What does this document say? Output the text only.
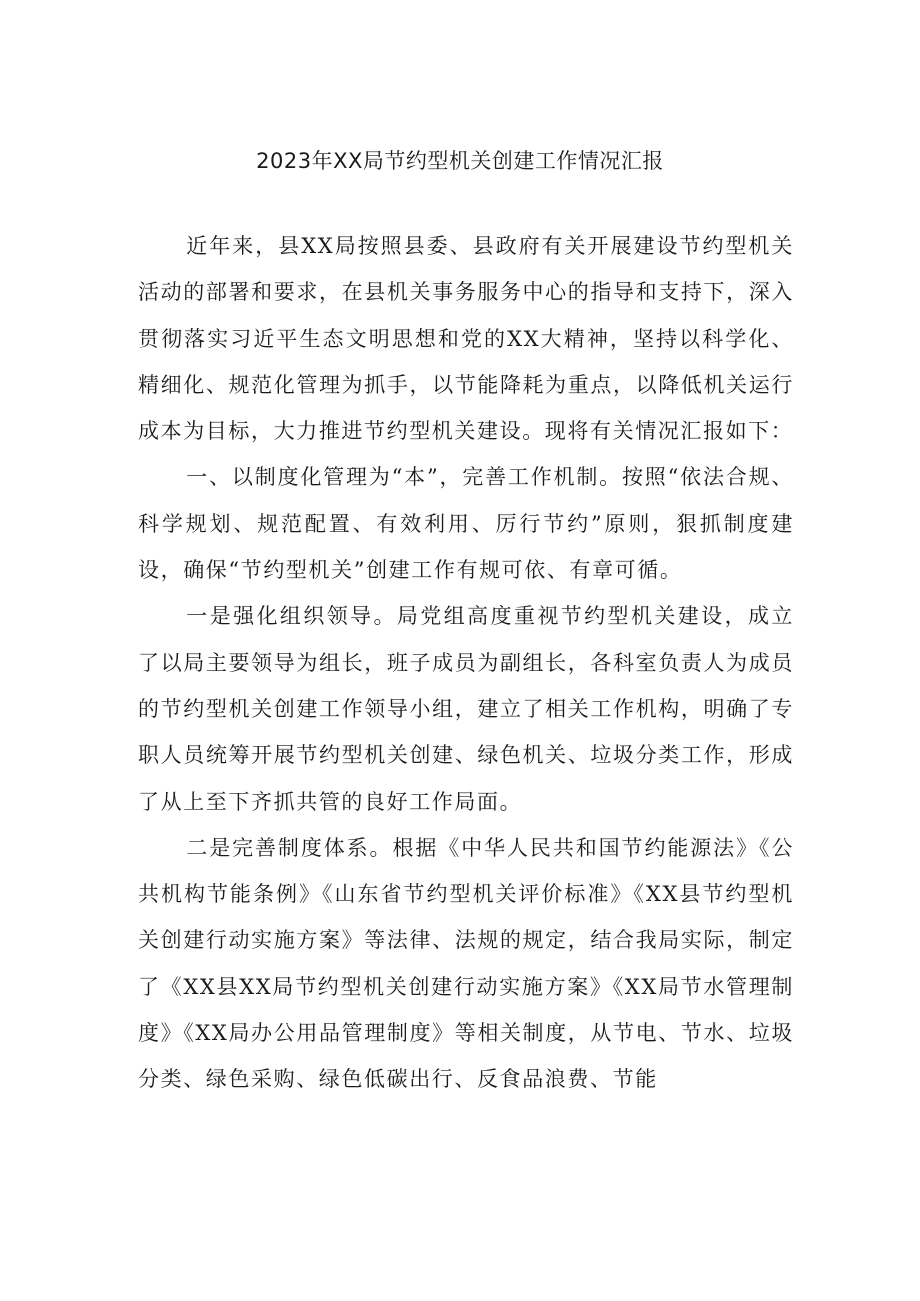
2023年XX局节约型机关创建工作情况汇报

近年来，县XX局按照县委、县政府有关开展建设节约型机关活动的部署和要求，在县机关事务服务中心的指导和支持下，深入贯彻落实习近平生态文明思想和党的XX大精神，坚持以科学化、精细化、规范化管理为抓手，以节能降耗为重点，以降低机关运行成本为目标，大力推进节约型机关建设。现将有关情况汇报如下：

一、以制度化管理为“本”，完善工作机制。按照“依法合规、科学规划、规范配置、有效利用、厉行节约”原则，狠抓制度建设，确保“节约型机关”创建工作有规可依、有章可循。

一是强化组织领导。局党组高度重视节约型机关建设，成立了以局主要领导为组长，班子成员为副组长，各科室负责人为成员的节约型机关创建工作领导小组，建立了相关工作机构，明确了专职人员统筹开展节约型机关创建、绿色机关、垃圾分类工作，形成了从上至下齐抓共管的良好工作局面。

二是完善制度体系。根据《中华人民共和国节约能源法》《公共机构节能条例》《山东省节约型机关评价标准》《XX县节约型机关创建行动实施方案》等法律、法规的规定，结合我局实际，制定了《XX县XX局节约型机关创建行动实施方案》《XX局节水管理制度》《XX局办公用品管理制度》等相关制度，从节电、节水、垃圾分类、绿色采购、绿色低碳出行、反食品浪费、节能
